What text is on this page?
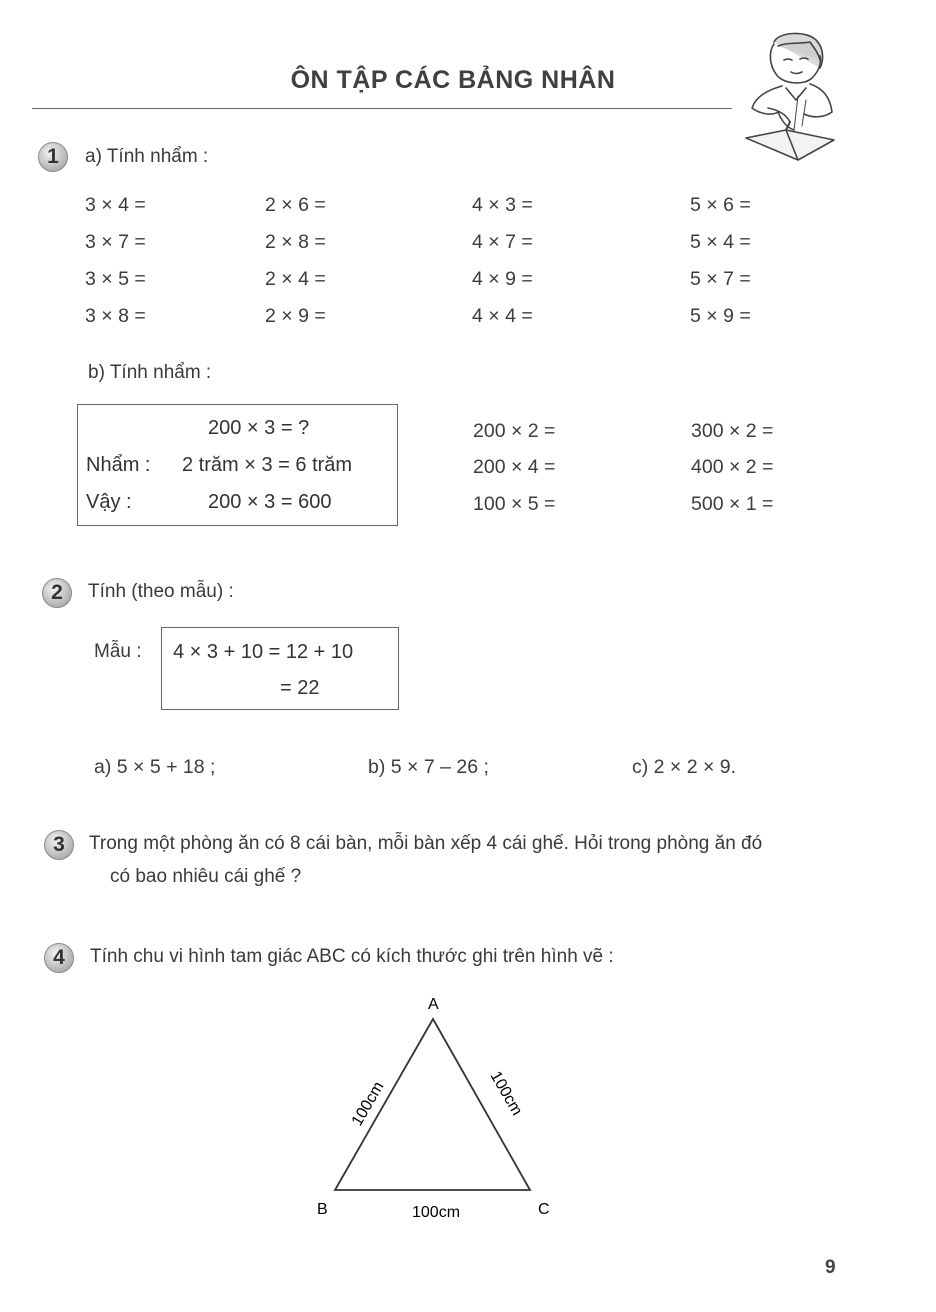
ÔN TẬP CÁC BẢNG NHÂN
1	a) Tính nhẩm :
3 × 4 =	2 × 6 =	4 × 3 =	5 × 6 =
3 × 7 =	2 × 8 =	4 × 7 =	5 × 4 =
3 × 5 =	2 × 4 =	4 × 9 =	5 × 7 =
3 × 8 =	2 × 9 =	4 × 4 =	5 × 9 =
b) Tính nhẩm :
200 × 3 = ?
Nhẩm : 2 trăm × 3 = 6 trăm
Vậy :	200 × 3 = 600
200 × 2 =	300 × 2 =
200 × 4 =	400 × 2 =
100 × 5 =	500 × 1 =
2	Tính (theo mẫu) :
Mẫu : 4 × 3 + 10 = 12 + 10
= 22
a) 5 × 5 + 18 ;	b) 5 × 7 – 26 ;	c) 2 × 2 × 9.
3	Trong một phòng ăn có 8 cái bàn, mỗi bàn xếp 4 cái ghế. Hỏi trong phòng ăn đó
có bao nhiêu cái ghế ?
4	Tính chu vi hình tam giác ABC có kích thước ghi trên hình vẽ :
A
B	C
100cm	100cm
100cm
9
